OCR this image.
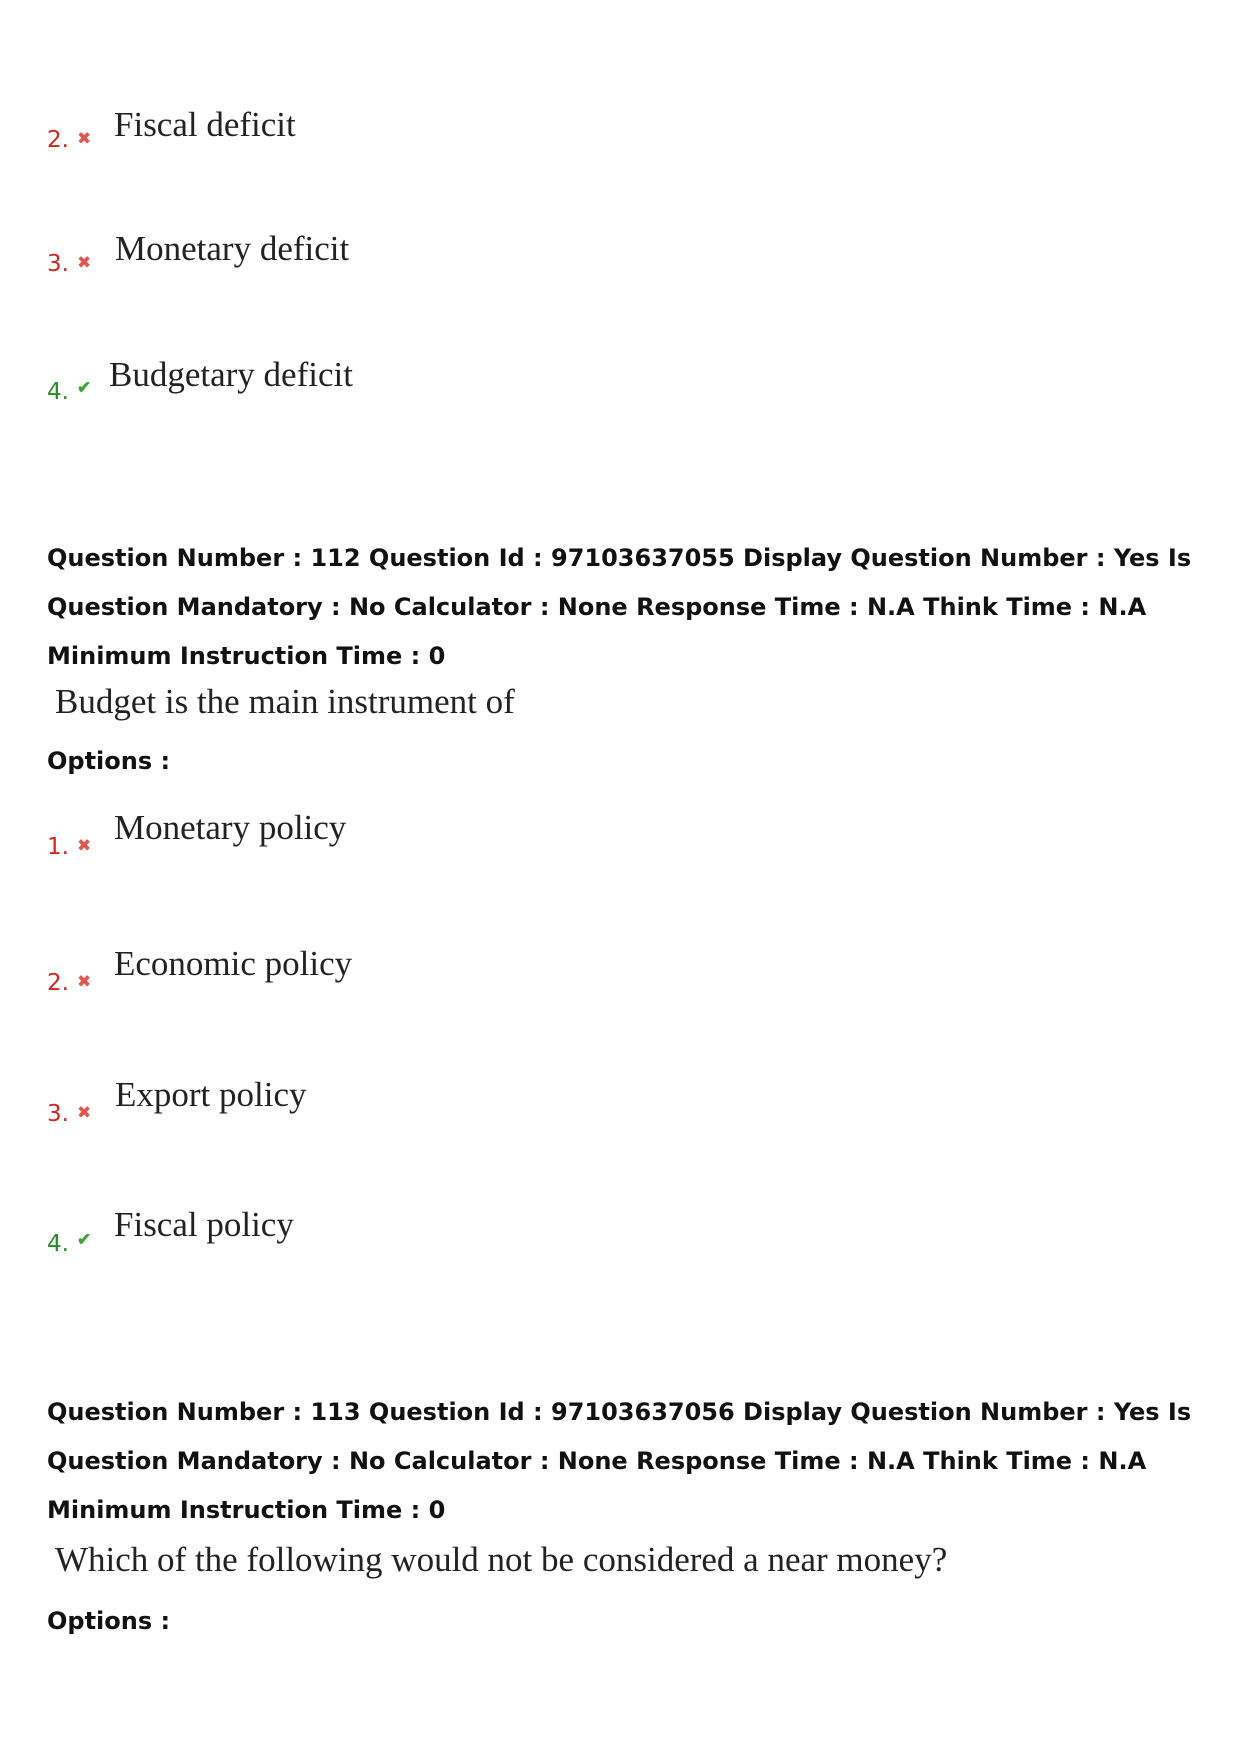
2. ✖ Fiscal deficit
3. ✖ Monetary deficit
4. ✔ Budgetary deficit
Question Number : 112 Question Id : 97103637055 Display Question Number : Yes Is Question Mandatory : No Calculator : None Response Time : N.A Think Time : N.A Minimum Instruction Time : 0
Budget is the main instrument of
Options :
1. ✖ Monetary policy
2. ✖ Economic policy
3. ✖ Export policy
4. ✔ Fiscal policy
Question Number : 113 Question Id : 97103637056 Display Question Number : Yes Is Question Mandatory : No Calculator : None Response Time : N.A Think Time : N.A Minimum Instruction Time : 0
Which of the following would not be considered a near money?
Options :
